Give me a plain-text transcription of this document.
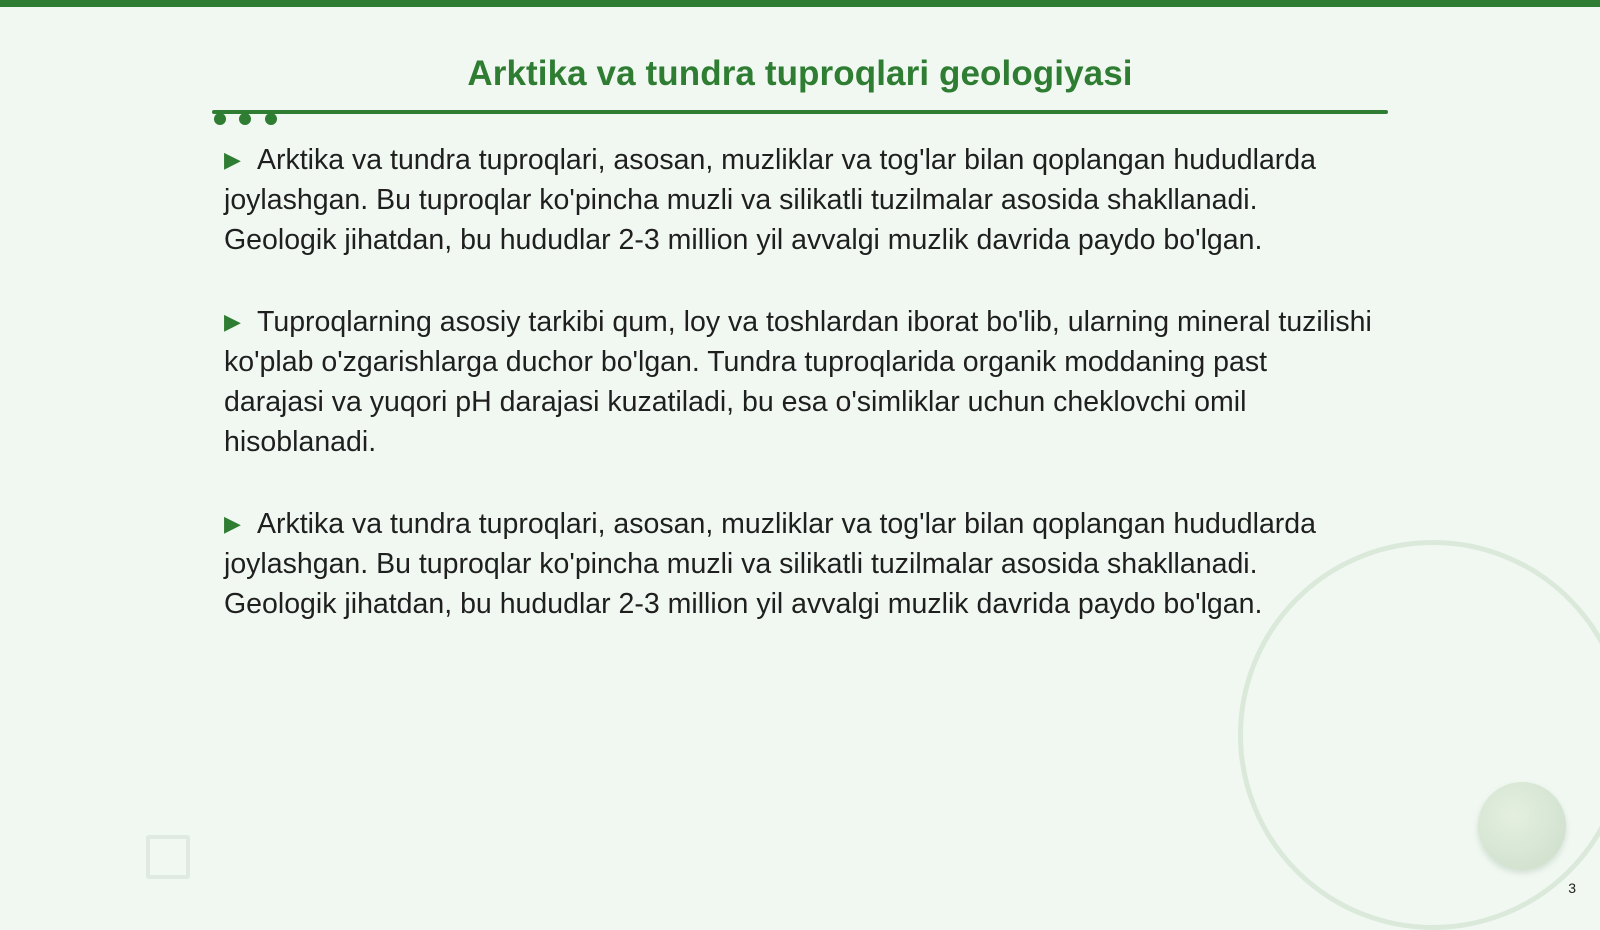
Arktika va tundra tuproqlari geologiyasi

▶ Arktika va tundra tuproqlari, asosan, muzliklar va tog'lar bilan qoplangan hududlarda joylashgan. Bu tuproqlar ko'pincha muzli va silikatli tuzilmalar asosida shakllanadi. Geologik jihatdan, bu hududlar 2-3 million yil avvalgi muzlik davrida paydo bo'lgan.

▶ Tuproqlarning asosiy tarkibi qum, loy va toshlardan iborat bo'lib, ularning mineral tuzilishi ko'plab o'zgarishlarga duchor bo'lgan. Tundra tuproqlarida organik moddaning past darajasi va yuqori pH darajasi kuzatiladi, bu esa o'simliklar uchun cheklovchi omil hisoblanadi.

▶ Arktika va tundra tuproqlari, asosan, muzliklar va tog'lar bilan qoplangan hududlarda joylashgan. Bu tuproqlar ko'pincha muzli va silikatli tuzilmalar asosida shakllanadi. Geologik jihatdan, bu hududlar 2-3 million yil avvalgi muzlik davrida paydo bo'lgan.

3
